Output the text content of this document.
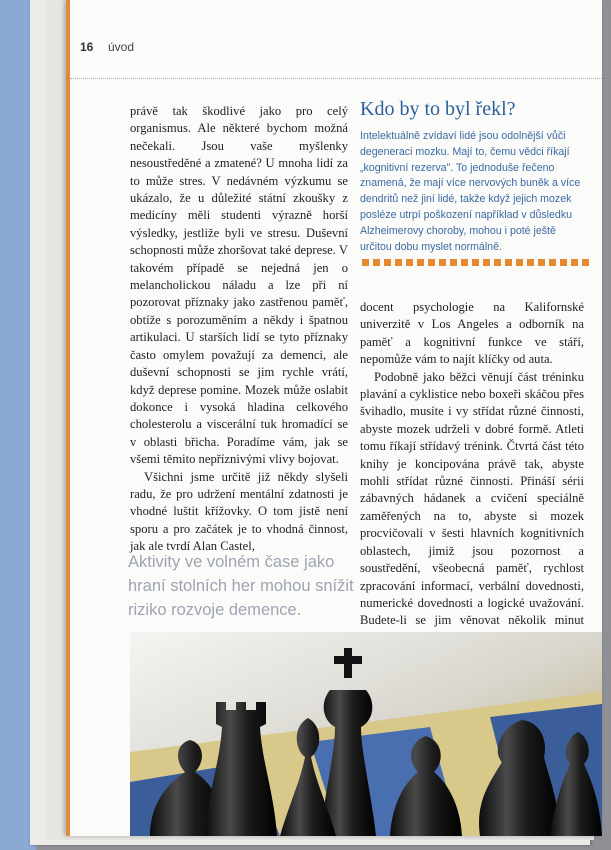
právě tak škodlivé jako pro celý organismus. Ale některé bychom možná nečekali. Jsou vaše myšlenky nesoustředěné a zmatené? U mnoha lidí za to může stres. V nedávném výzkumu se ukázalo, že u důležité státní zkoušky z medicíny měli studenti výrazně horší výsledky, jestliže byli ve stresu. Duševní schopnosti může zhoršovat také deprese. V takovém případě se nejedná jen o melancholickou náladu a lze při ní pozorovat příznaky jako zastřenou paměť, obtíže s porozuměním a někdy i špatnou artikulaci. U starších lidí se tyto příznaky často omylem považují za demenci, ale duševní schopnosti se jim rychle vrátí, když deprese pomine. Mozek může oslabit dokonce i vysoká hladina celkového cholesterolu a viscerální tuk hromadící se v oblasti břicha. Poradíme vám, jak se všemi těmito nepříznivými vlivy bojovat.

Všichni jsme určitě již někdy slyšeli radu, že pro udržení mentální zdatnosti je vhodné luštit křížovky. O tom jistě není sporu a pro začátek je to vhodná činnost, jak ale tvrdí Alan Castel,

Kdo by to byl řekl?

Intelektuálně zvídaví lidé jsou odolnější vůči degeneraci mozku. Mají to, čemu vědci říkají „kognitivní rezerva". To jednoduše řečeno znamená, že mají více nervových buněk a více dendritů než jiní lidé, takže když jejich mozek posléze utrpí poškození například v důsledku Alzheimerovy choroby, mohou i poté ještě určitou dobu myslet normálně.

docent psychologie na Kalifornské univerzitě v Los Angeles a odborník na paměť a kognitivní funkce ve stáří, nepomůže vám to najít klíčky od auta.

Podobně jako běžci věnují část tréninku plavání a cyklistice nebo boxeři skáčou přes švihadlo, musíte i vy střídat různé činnosti, abyste mozek udrželi v dobré formě. Atleti tomu říkají střídavý trénink. Čtvrtá část této knihy je koncipována právě tak, abyste mohli střídat různé činnosti. Přináší sérii zábavných hádanek a cvičení speciálně zaměřených na to, abyste si mozek procvičovali v šesti hlavních kognitivních oblastech, jimiž jsou pozornost a soustředění, všeobecná paměť, rychlost zpracování informací, verbální dovednosti, numerické dovednosti a logické uvažování. Budete-li se jim věnovat několik minut

Aktivity ve volném čase jako hraní stolních her mohou snížit riziko rozvoje demence.

16 úvod
